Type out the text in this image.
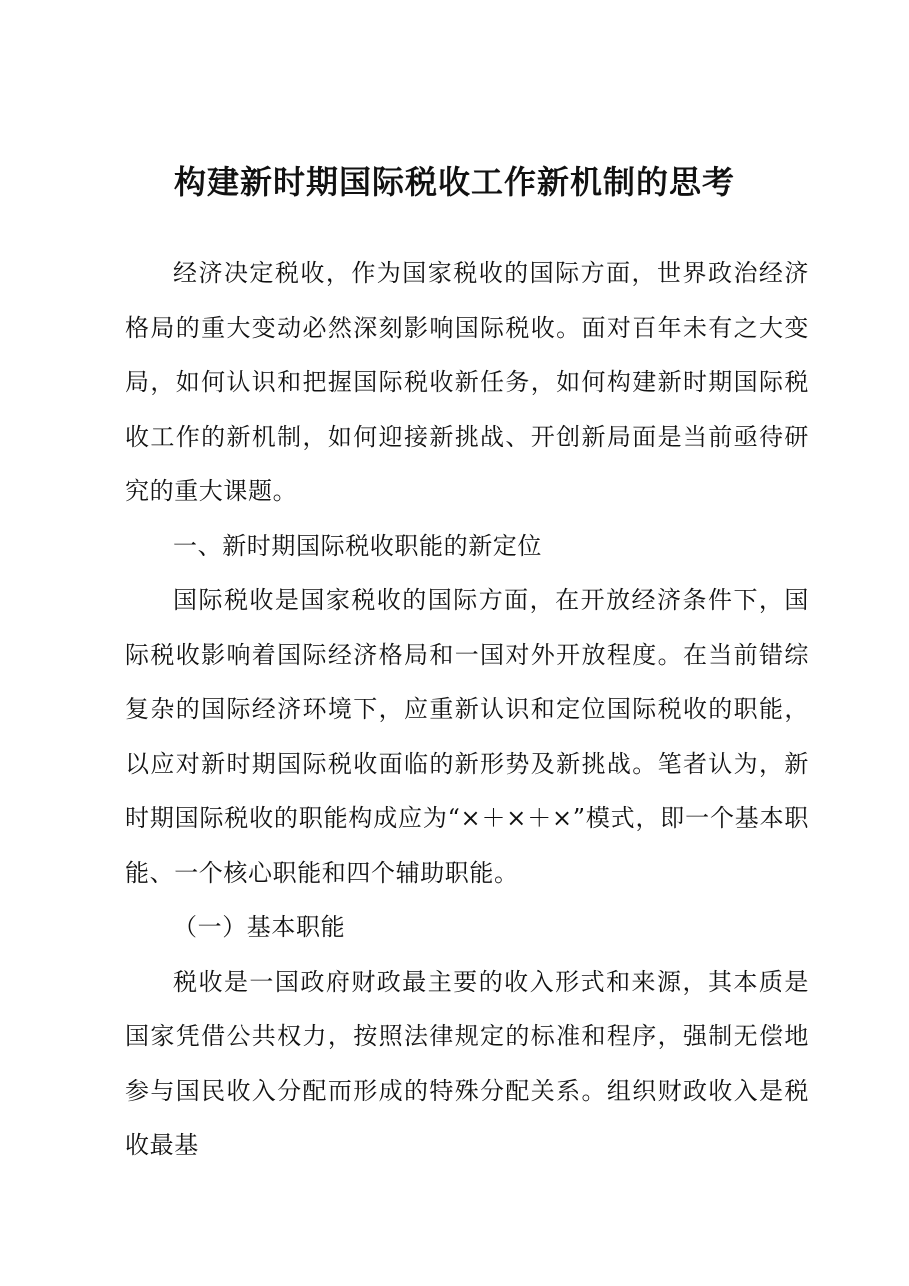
构建新时期国际税收工作新机制的思考

经济决定税收，作为国家税收的国际方面，世界政治经济格局的重大变动必然深刻影响国际税收。面对百年未有之大变局，如何认识和把握国际税收新任务，如何构建新时期国际税收工作的新机制，如何迎接新挑战、开创新局面是当前亟待研究的重大课题。

一、新时期国际税收职能的新定位

国际税收是国家税收的国际方面，在开放经济条件下，国际税收影响着国际经济格局和一国对外开放程度。在当前错综复杂的国际经济环境下，应重新认识和定位国际税收的职能，以应对新时期国际税收面临的新形势及新挑战。笔者认为，新时期国际税收的职能构成应为“×＋×＋×”模式，即一个基本职能、一个核心职能和四个辅助职能。

（一）基本职能

税收是一国政府财政最主要的收入形式和来源，其本质是国家凭借公共权力，按照法律规定的标准和程序，强制无偿地参与国民收入分配而形成的特殊分配关系。组织财政收入是税收最基
